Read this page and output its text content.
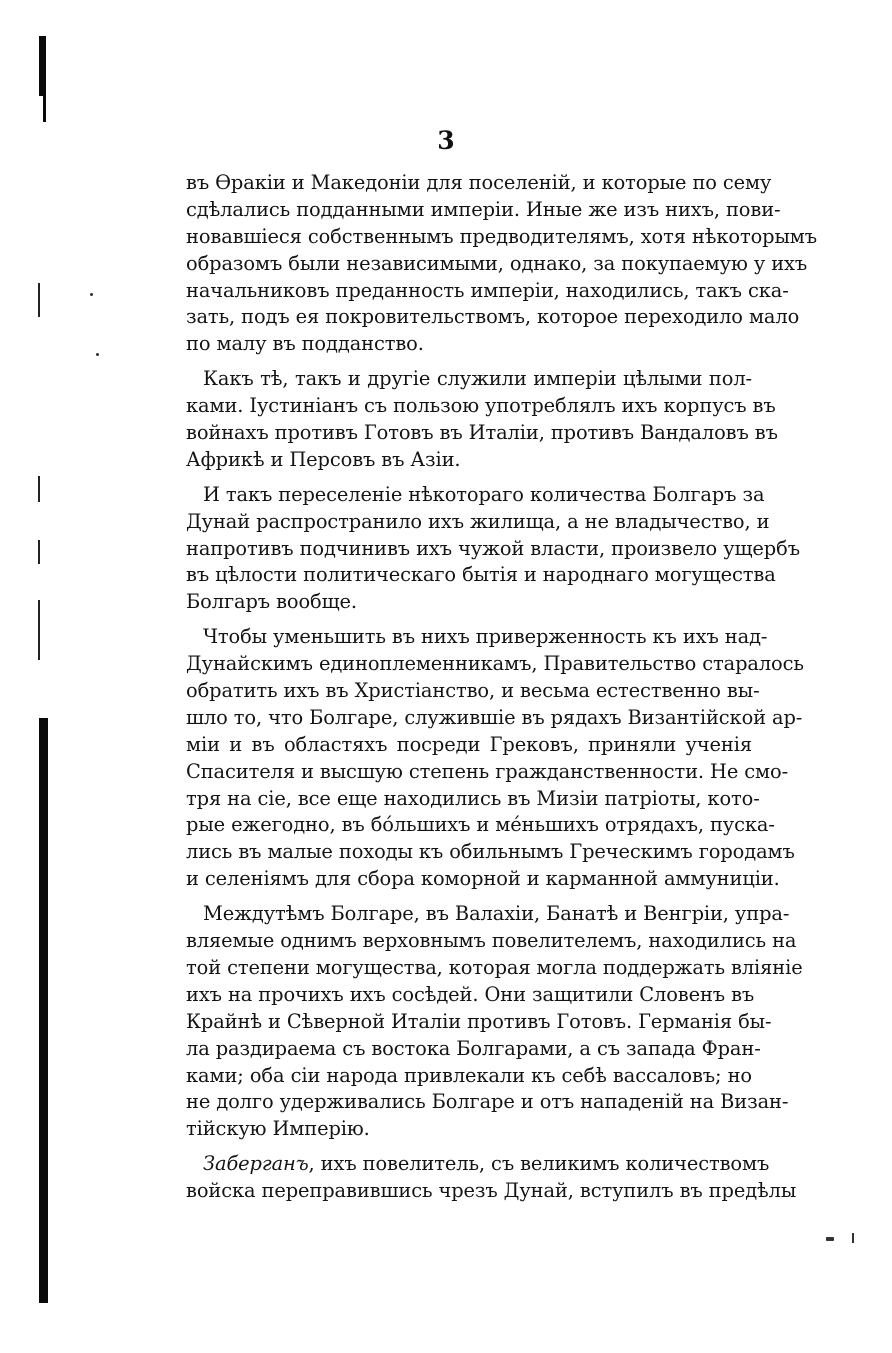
3
въ Өракіи и Македоніи для поселеній, и которые по сему
сдѣлались подданными имперіи. Иные же изъ нихъ, пови-
новавшіеся собственнымъ предводителямъ, хотя нѣкоторымъ
образомъ были независимыми, однако, за покупаемую у ихъ
начальниковъ преданность имперіи, находились, такъ ска-
зать, подъ ея покровительствомъ, которое переходило мало
по малу въ подданство.
Какъ тѣ, такъ и другіе служили имперіи цѣлыми пол-
ками. Іустиніанъ съ пользою употреблялъ ихъ корпусъ въ
войнахъ противъ Готовъ въ Италіи, противъ Вандаловъ въ
Африкѣ и Персовъ въ Азіи.
И такъ переселеніе нѣкотораго количества Болгаръ за
Дунай распространило ихъ жилища, а не владычество, и
напротивъ подчинивъ ихъ чужой власти, произвело ущербъ
въ цѣлости политическаго бытія и народнаго могущества
Болгаръ вообще.
Чтобы уменьшить въ нихъ приверженность къ ихъ над-
Дунайскимъ единоплеменникамъ, Правительство старалось
обратить ихъ въ Христіанство, и весьма естественно вы-
шло то, что Болгаре, служившіе въ рядахъ Византійской ар-
міи и въ областяхъ посреди Грековъ, приняли ученія
Спасителя и высшую степень гражданственности. Не смо-
тря на сіе, все еще находились въ Мизіи патріоты, кото-
рые ежегодно, въ бо́льшихъ и ме́ньшихъ отрядахъ, пуска-
лись въ малые походы къ обильнымъ Греческимъ городамъ
и селеніямъ для сбора коморной и карманной аммуниціи.
Междутѣмъ Болгаре, въ Валахіи, Банатѣ и Венгріи, упра-
вляемые однимъ верховнымъ повелителемъ, находились на
той степени могущества, которая могла поддержать вліяніе
ихъ на прочихъ ихъ сосѣдей. Они защитили Словенъ въ
Крайнѣ и Сѣверной Италіи противъ Готовъ. Германія бы-
ла раздираема съ востока Болгарами, а съ запада Фран-
ками; оба сіи народа привлекали къ себѣ вассаловъ; но
не долго удерживались Болгаре и отъ нападеній на Визан-
тійскую Имперію.
Заберганъ, ихъ повелитель, съ великимъ количествомъ
войска переправившись чрезъ Дунай, вступилъ въ предѣлы
